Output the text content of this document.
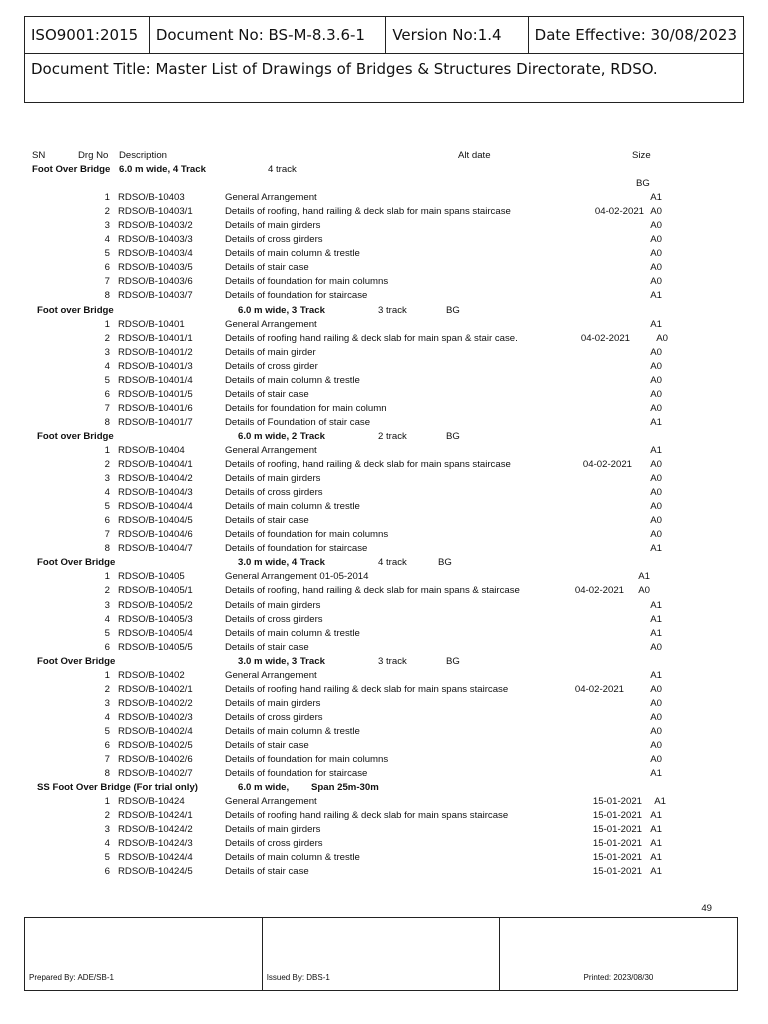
ISO9001:2015	Document No: BS-M-8.3.6-1	Version No:1.4	Date Effective: 30/08/2023
Document Title: Master List of Drawings of Bridges & Structures Directorate, RDSO.
SN	Drg No Description	Alt date	Size
Foot Over Bridge 6.0 m wide, 4 Track	4 track
BG
1 RDSO/B-10403	General Arrangement	A1
2 RDSO/B-10403/1	Details of roofing, hand railing & deck slab for main spans staircase	04-02-2021 A0
3 RDSO/B-10403/2	Details of main girders	A0
4 RDSO/B-10403/3	Details of cross girders	A0
5 RDSO/B-10403/4	Details of main column & trestle	A0
6 RDSO/B-10403/5	Details of stair case	A0
7 RDSO/B-10403/6	Details of foundation for main columns	A0
8 RDSO/B-10403/7	Details of foundation for staircase	A1
Foot over Bridge	6.0 m wide, 3 Track	3 track	BG
1 RDSO/B-10401	General Arrangement	A1
2 RDSO/B-10401/1	Details of roofing hand railing & deck slab for main span & stair case.	04-02-2021	A0
3 RDSO/B-10401/2	Details of main girder	A0
4 RDSO/B-10401/3	Details of cross girder	A0
5 RDSO/B-10401/4	Details of main column & trestle	A0
6 RDSO/B-10401/5	Details of stair case	A0
7 RDSO/B-10401/6	Details for foundation for main column	A0
8 RDSO/B-10401/7	Details of Foundation of stair case	A1
Foot over Bridge	6.0 m wide, 2 Track	2 track	BG
1 RDSO/B-10404	General Arrangement	A1
2 RDSO/B-10404/1	Details of roofing, hand railing & deck slab for main spans staircase	04-02-2021 A0
3 RDSO/B-10404/2	Details of main girders	A0
4 RDSO/B-10404/3	Details of cross girders	A0
5 RDSO/B-10404/4	Details of main column & trestle	A0
6 RDSO/B-10404/5	Details of stair case	A0
7 RDSO/B-10404/6	Details of foundation for main columns	A0
8 RDSO/B-10404/7	Details of foundation for staircase	A1
Foot Over Bridge	3.0 m wide, 4 Track	4 track	BG
1 RDSO/B-10405	General Arrangement 01-05-2014	A1
2 RDSO/B-10405/1	Details of roofing, hand railing & deck slab for main spans & staircase	04-02-2021 A0
3 RDSO/B-10405/2	Details of main girders	A1
4 RDSO/B-10405/3	Details of cross girders	A1
5 RDSO/B-10405/4	Details of main column & trestle	A1
6 RDSO/B-10405/5	Details of stair case	A0
Foot Over Bridge	3.0 m wide, 3 Track	3 track	BG
1 RDSO/B-10402	General Arrangement	A1
2 RDSO/B-10402/1	Details of roofing hand railing & deck slab for main spans staircase	04-02-2021	A0
3 RDSO/B-10402/2	Details of main girders	A0
4 RDSO/B-10402/3	Details of cross girders	A0
5 RDSO/B-10402/4	Details of main column & trestle	A0
6 RDSO/B-10402/5	Details of stair case	A0
7 RDSO/B-10402/6	Details of foundation for main columns	A0
8 RDSO/B-10402/7	Details of foundation for staircase	A1
SS Foot Over Bridge (For trial only)	6.0 m wide, Span 25m-30m
1 RDSO/B-10424	General Arrangement	15-01-2021 A1
2 RDSO/B-10424/1	Details of roofing hand railing & deck slab for main spans staircase	15-01-2021 A1
3 RDSO/B-10424/2	Details of main girders	15-01-2021 A1
4 RDSO/B-10424/3	Details of cross girders	15-01-2021 A1
5 RDSO/B-10424/4	Details of main column & trestle	15-01-2021 A1
6 RDSO/B-10424/5	Details of stair case	15-01-2021 A1
49
Prepared By: ADE/SB-1	Issued By: DBS-1	Printed: 2023/08/30
